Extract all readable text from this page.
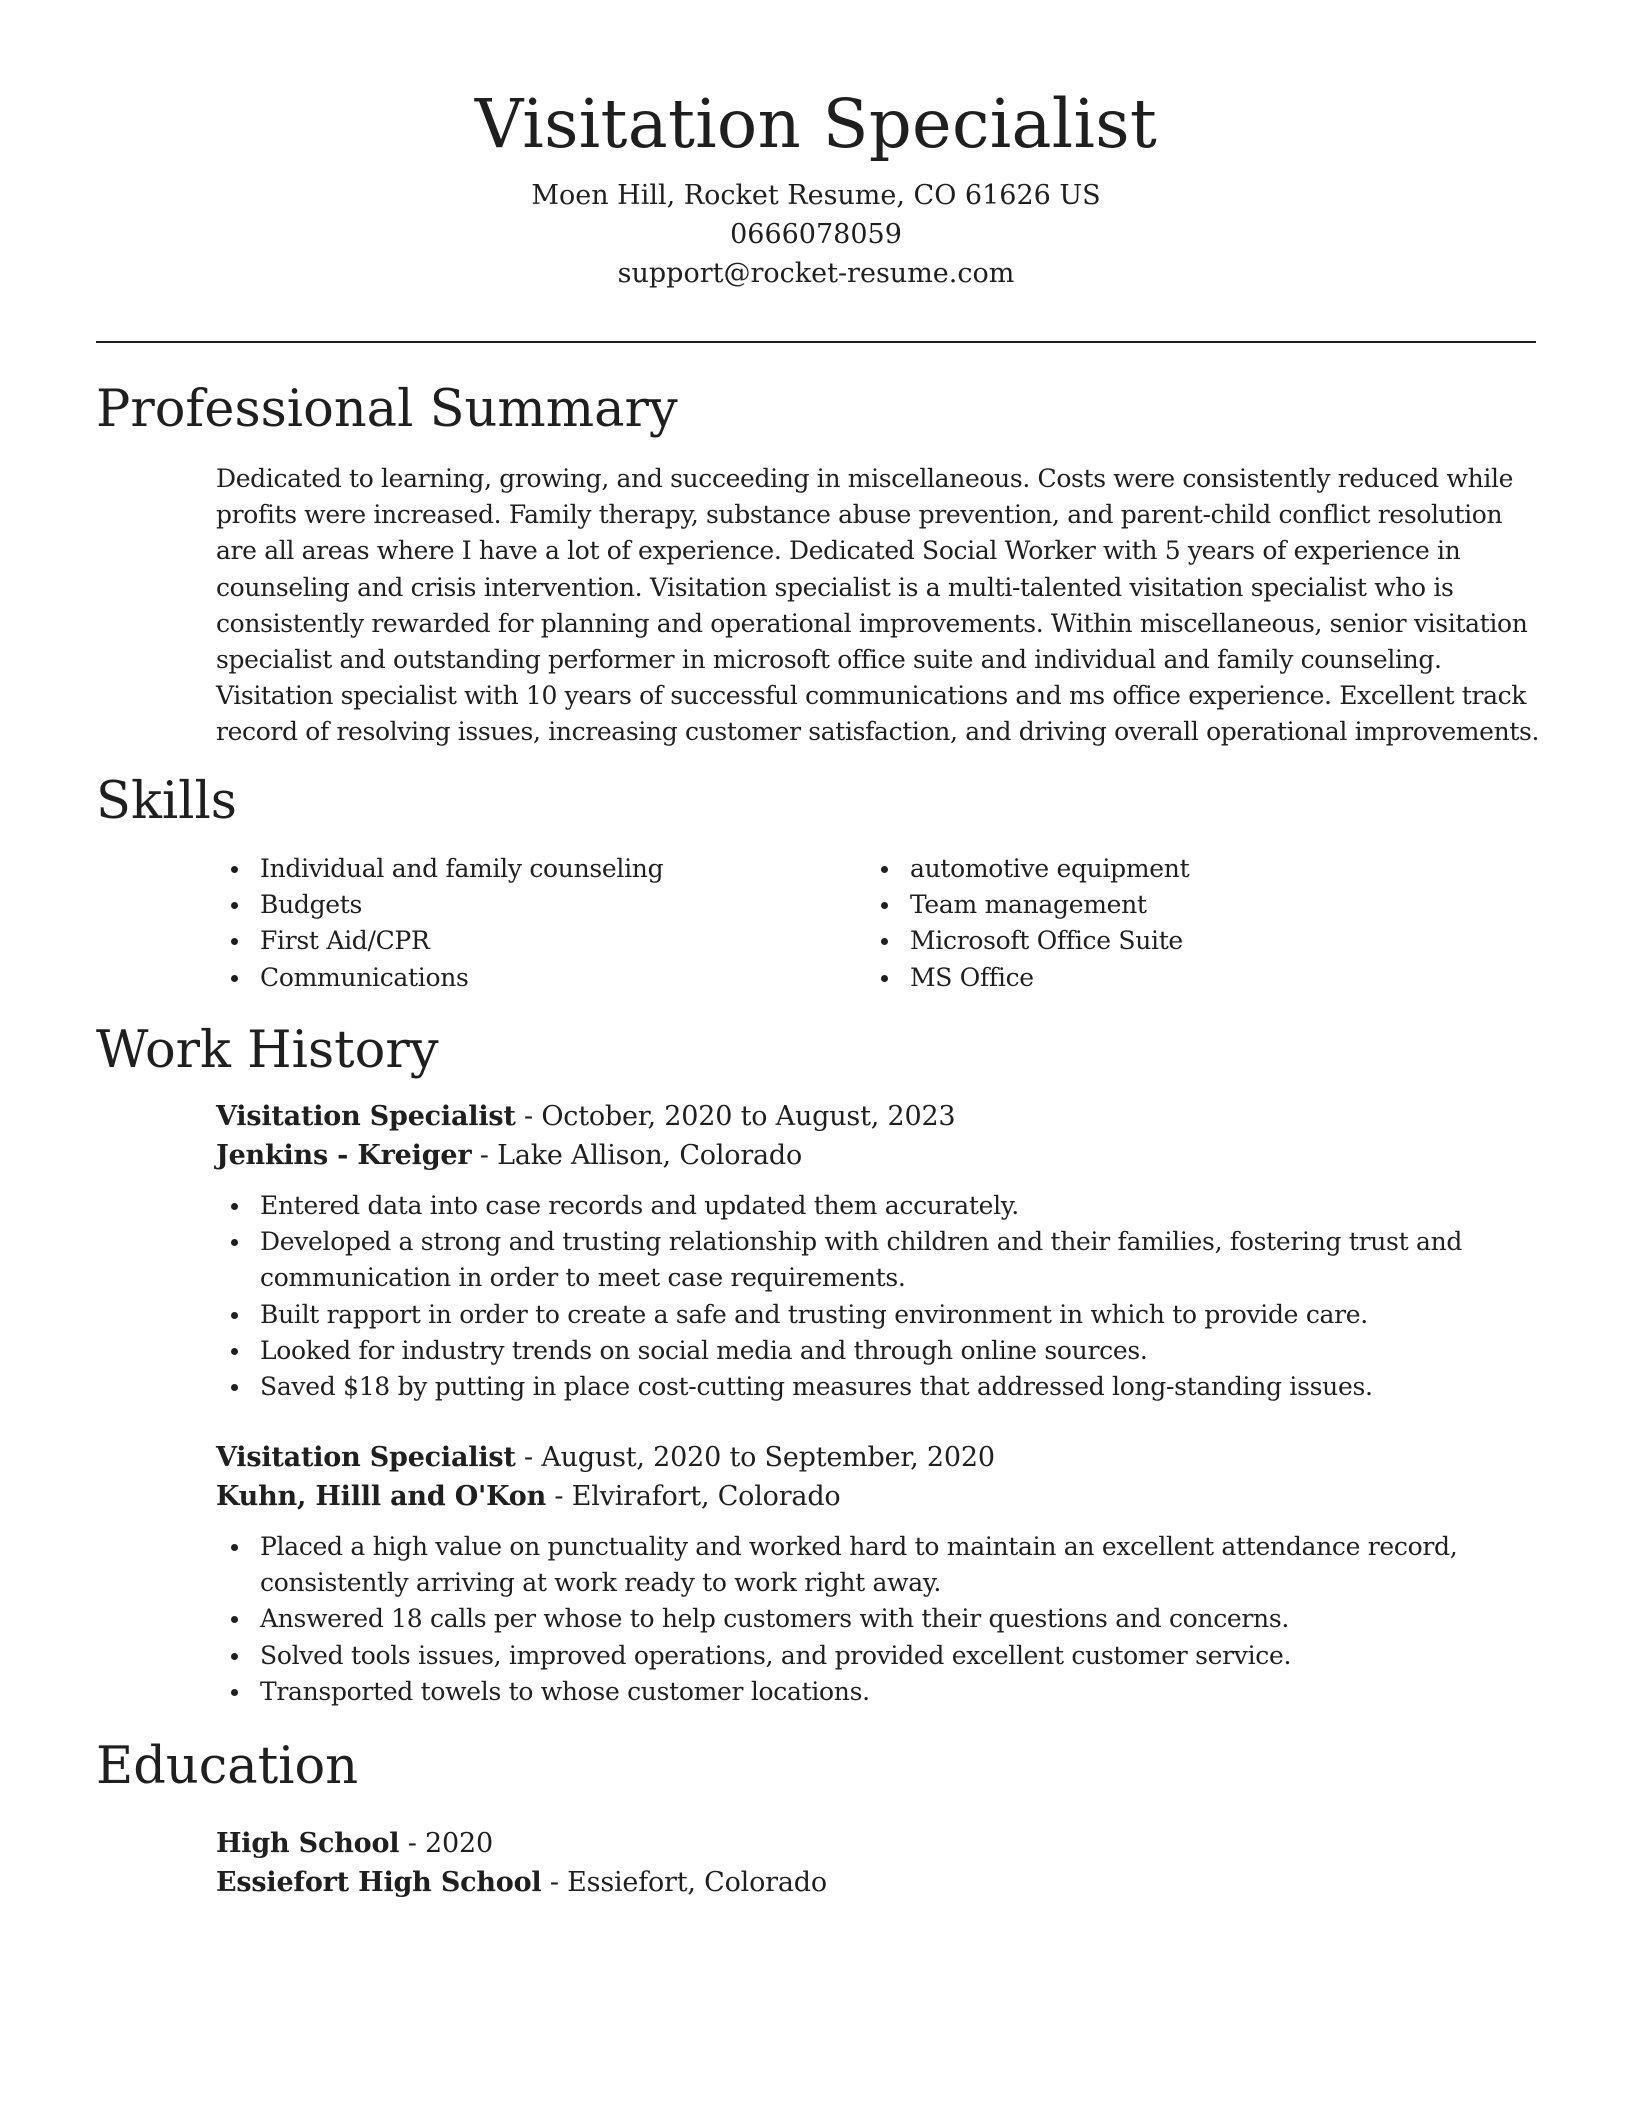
Visitation Specialist
Moen Hill, Rocket Resume, CO 61626 US
0666078059
support@rocket-resume.com
Professional Summary
Dedicated to learning, growing, and succeeding in miscellaneous. Costs were consistently reduced while profits were increased. Family therapy, substance abuse prevention, and parent-child conflict resolution are all areas where I have a lot of experience. Dedicated Social Worker with 5 years of experience in counseling and crisis intervention. Visitation specialist is a multi-talented visitation specialist who is consistently rewarded for planning and operational improvements. Within miscellaneous, senior visitation specialist and outstanding performer in microsoft office suite and individual and family counseling. Visitation specialist with 10 years of successful communications and ms office experience. Excellent track record of resolving issues, increasing customer satisfaction, and driving overall operational improvements.
Skills
Individual and family counseling
Budgets
First Aid/CPR
Communications
automotive equipment
Team management
Microsoft Office Suite
MS Office
Work History
Visitation Specialist - October, 2020 to August, 2023
Jenkins - Kreiger - Lake Allison, Colorado
Entered data into case records and updated them accurately.
Developed a strong and trusting relationship with children and their families, fostering trust and communication in order to meet case requirements.
Built rapport in order to create a safe and trusting environment in which to provide care.
Looked for industry trends on social media and through online sources.
Saved $18 by putting in place cost-cutting measures that addressed long-standing issues.
Visitation Specialist - August, 2020 to September, 2020
Kuhn, Hilll and O'Kon - Elvirafort, Colorado
Placed a high value on punctuality and worked hard to maintain an excellent attendance record, consistently arriving at work ready to work right away.
Answered 18 calls per whose to help customers with their questions and concerns.
Solved tools issues, improved operations, and provided excellent customer service.
Transported towels to whose customer locations.
Education
High School - 2020
Essiefort High School - Essiefort, Colorado
